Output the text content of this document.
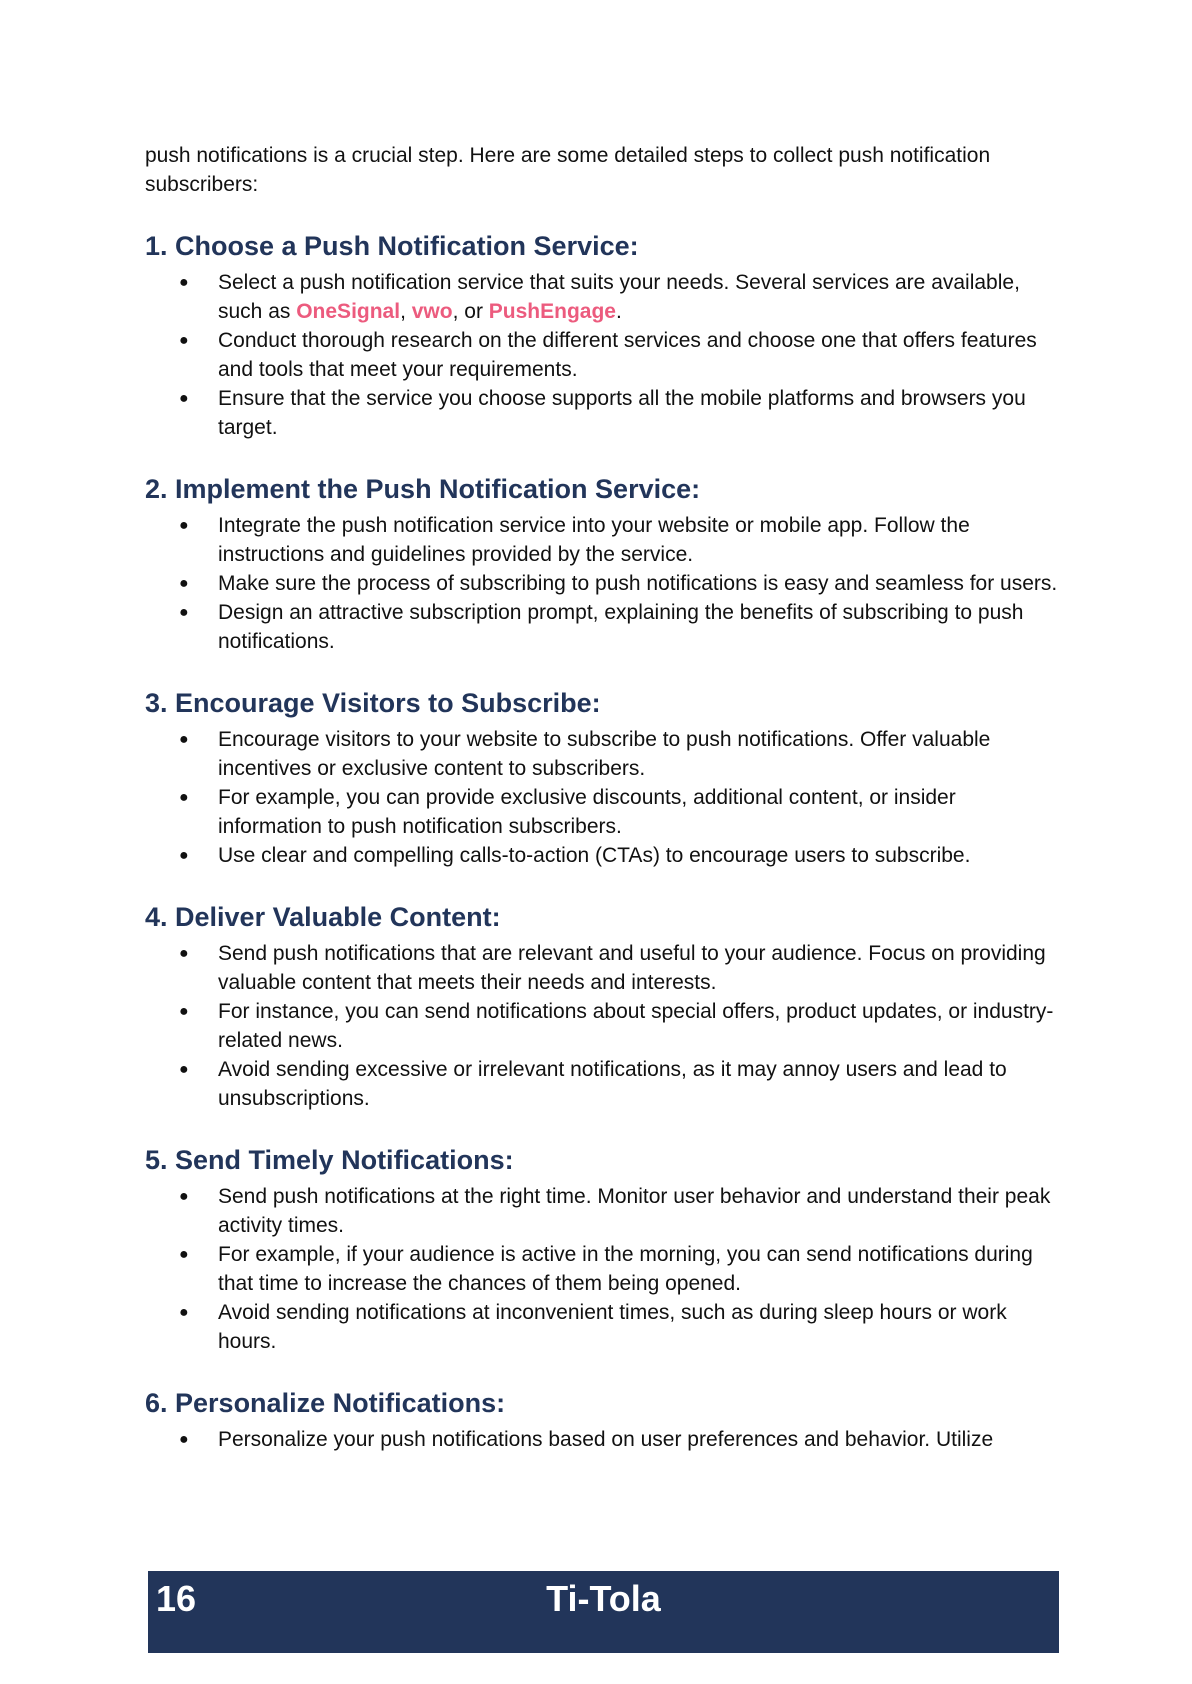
push notifications is a crucial step. Here are some detailed steps to collect push notification subscribers:

1. Choose a Push Notification Service:
● Select a push notification service that suits your needs. Several services are available, such as OneSignal, vwo, or PushEngage.
● Conduct thorough research on the different services and choose one that offers features and tools that meet your requirements.
● Ensure that the service you choose supports all the mobile platforms and browsers you target.
2. Implement the Push Notification Service:
● Integrate the push notification service into your website or mobile app. Follow the instructions and guidelines provided by the service.
● Make sure the process of subscribing to push notifications is easy and seamless for users.
● Design an attractive subscription prompt, explaining the benefits of subscribing to push notifications.
3. Encourage Visitors to Subscribe:
● Encourage visitors to your website to subscribe to push notifications. Offer valuable incentives or exclusive content to subscribers.
● For example, you can provide exclusive discounts, additional content, or insider information to push notification subscribers.
● Use clear and compelling calls-to-action (CTAs) to encourage users to subscribe.
4. Deliver Valuable Content:
● Send push notifications that are relevant and useful to your audience. Focus on providing valuable content that meets their needs and interests.
● For instance, you can send notifications about special offers, product updates, or industry-related news.
● Avoid sending excessive or irrelevant notifications, as it may annoy users and lead to unsubscriptions.
5. Send Timely Notifications:
● Send push notifications at the right time. Monitor user behavior and understand their peak activity times.
● For example, if your audience is active in the morning, you can send notifications during that time to increase the chances of them being opened.
● Avoid sending notifications at inconvenient times, such as during sleep hours or work hours.
6. Personalize Notifications:
● Personalize your push notifications based on user preferences and behavior. Utilize
16	Ti-Tola
